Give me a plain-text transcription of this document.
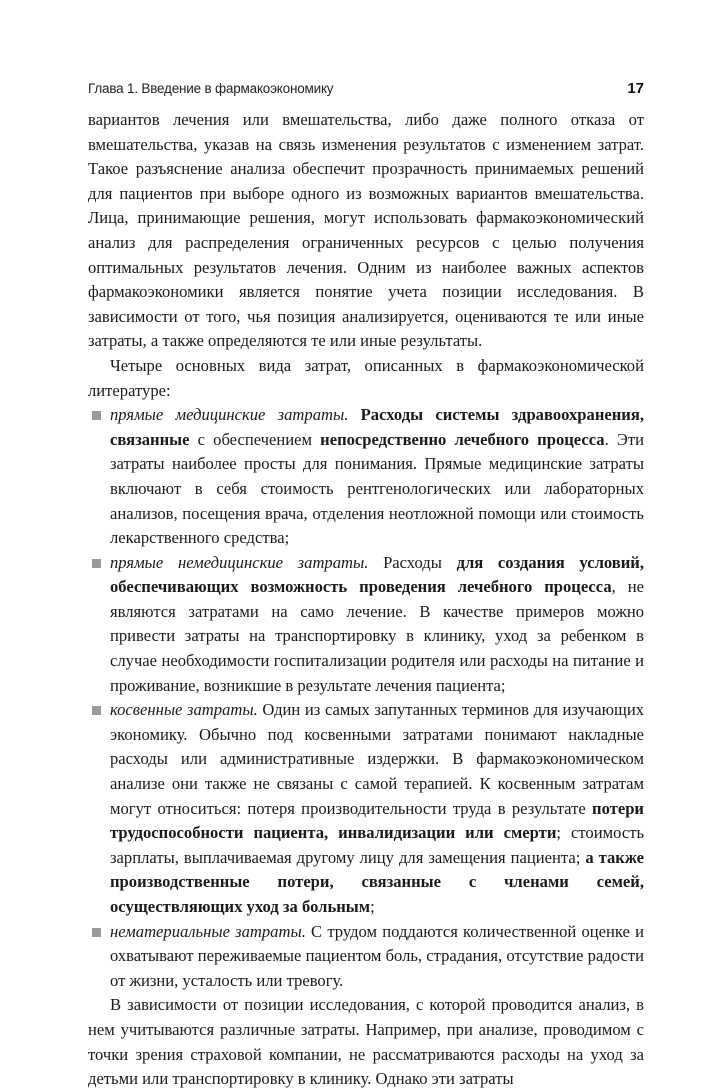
Глава 1. Введение в фармакоэкономику	17

вариантов лечения или вмешательства, либо даже полного отказа от вмешательства, указав на связь изменения результатов с изменением затрат. Такое разъяснение анализа обеспечит прозрачность принимаемых решений для пациентов при выборе одного из возможных вариантов вмешательства. Лица, принимающие решения, могут использовать фармакоэкономический анализ для распределения ограниченных ресурсов с целью получения оптимальных результатов лечения. Одним из наиболее важных аспектов фармакоэкономики является понятие учета позиции исследования. В зависимости от того, чья позиция анализируется, оцениваются те или иные затраты, а также определяются те или иные результаты.

Четыре основных вида затрат, описанных в фармакоэкономической литературе:

прямые медицинские затраты. Расходы системы здравоохранения, связанные с обеспечением непосредственно лечебного процесса. Эти затраты наиболее просты для понимания. Прямые медицинские затраты включают в себя стоимость рентгенологических или лабораторных анализов, посещения врача, отделения неотложной помощи или стоимость лекарственного средства;
прямые немедицинские затраты. Расходы для создания условий, обеспечивающих возможность проведения лечебного процесса, не являются затратами на само лечение. В качестве примеров можно привести затраты на транспортировку в клинику, уход за ребенком в случае необходимости госпитализации родителя или расходы на питание и проживание, возникшие в результате лечения пациента;
косвенные затраты. Один из самых запутанных терминов для изучающих экономику. Обычно под косвенными затратами понимают накладные расходы или административные издержки. В фармакоэкономическом анализе они также не связаны с самой терапией. К косвенным затратам могут относиться: потеря производительности труда в результате потери трудоспособности пациента, инвалидизации или смерти; стоимость зарплаты, выплачиваемая другому лицу для замещения пациента; а также производственные потери, связанные с членами семей, осуществляющих уход за больным;
нематериальные затраты. С трудом поддаются количественной оценке и охватывают переживаемые пациентом боль, страдания, отсутствие радости от жизни, усталость или тревогу.

В зависимости от позиции исследования, с которой проводится анализ, в нем учитываются различные затраты. Например, при анализе, проводимом с точки зрения страховой компании, не рассматриваются расходы на уход за детьми или транспортировку в клинику. Однако эти затраты
